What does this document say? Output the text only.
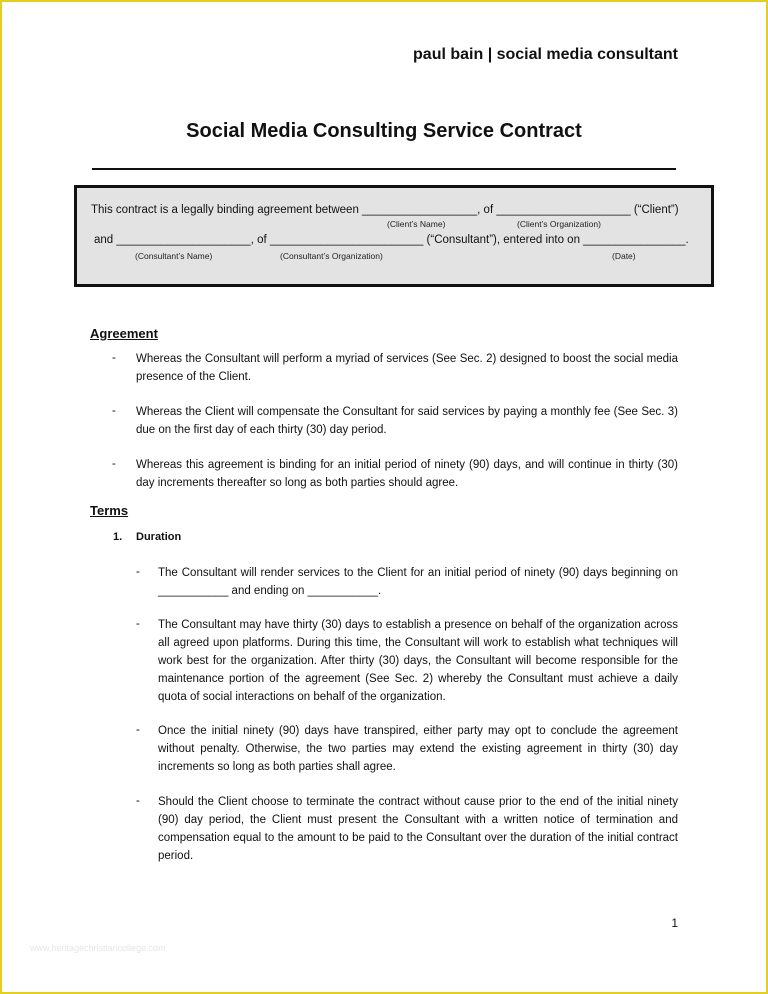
paul bain | social media consultant
Social Media Consulting Service Contract
This contract is a legally binding agreement between __________________, of _____________________ (“Client”)
(Client’s Name)	(Client’s Organization)
and _____________________, of ________________________ (“Consultant”), entered into on ________________.
(Consultant’s Name)	(Consultant’s Organization)	(Date)
Agreement
- Whereas the Consultant will perform a myriad of services (See Sec. 2) designed to boost the social media presence of the Client.
- Whereas the Client will compensate the Consultant for said services by paying a monthly fee (See Sec. 3) due on the first day of each thirty (30) day period.
- Whereas this agreement is binding for an initial period of ninety (90) days, and will continue in thirty (30) day increments thereafter so long as both parties should agree.
Terms
1. Duration
- The Consultant will render services to the Client for an initial period of ninety (90) days beginning on ___________ and ending on ___________.
- The Consultant may have thirty (30) days to establish a presence on behalf of the organization across all agreed upon platforms. During this time, the Consultant will work to establish what techniques will work best for the organization. After thirty (30) days, the Consultant will become responsible for the maintenance portion of the agreement (See Sec. 2) whereby the Consultant must achieve a daily quota of social interactions on behalf of the organization.
- Once the initial ninety (90) days have transpired, either party may opt to conclude the agreement without penalty. Otherwise, the two parties may extend the existing agreement in thirty (30) day increments so long as both parties shall agree.
- Should the Client choose to terminate the contract without cause prior to the end of the initial ninety (90) day period, the Client must present the Consultant with a written notice of termination and compensation equal to the amount to be paid to the Consultant over the duration of the initial contract period.
1
www.heritagechristiancollege.com
